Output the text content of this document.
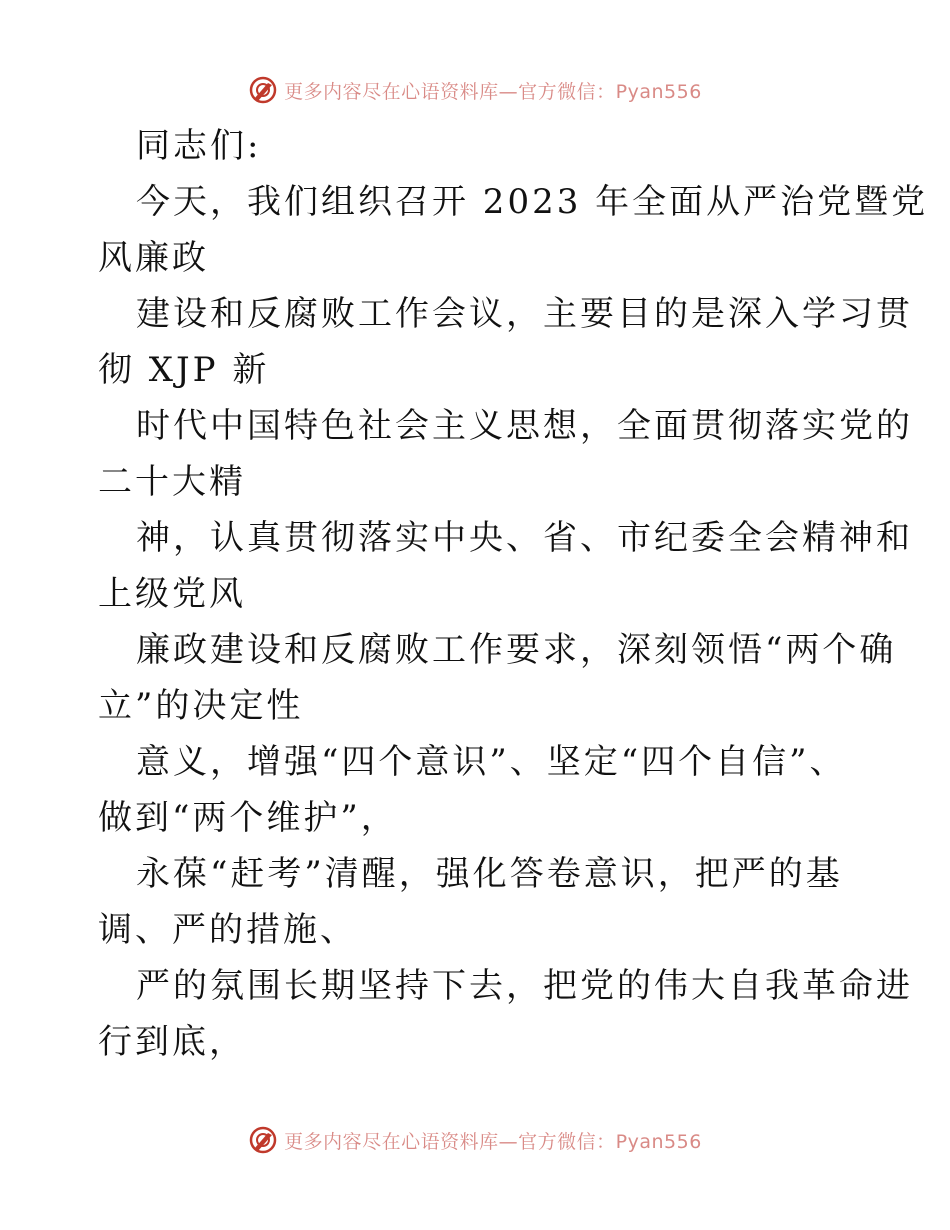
更多内容尽在心语资料库—官方微信：Pyan556
同志们:
今天，我们组织召开 2023 年全面从严治党暨党
风廉政
建设和反腐败工作会议，主要目的是深入学习贯
彻 XJP 新
时代中国特色社会主义思想，全面贯彻落实党的
二十大精
神，认真贯彻落实中央、省、市纪委全会精神和
上级党风
廉政建设和反腐败工作要求，深刻领悟“两个确
立”的决定性
意义，增强“四个意识”、坚定“四个自信”、
做到“两个维护”，
永葆“赶考”清醒，强化答卷意识，把严的基
调、严的措施、
严的氛围长期坚持下去，把党的伟大自我革命进
行到底，
更多内容尽在心语资料库—官方微信：Pyan556
